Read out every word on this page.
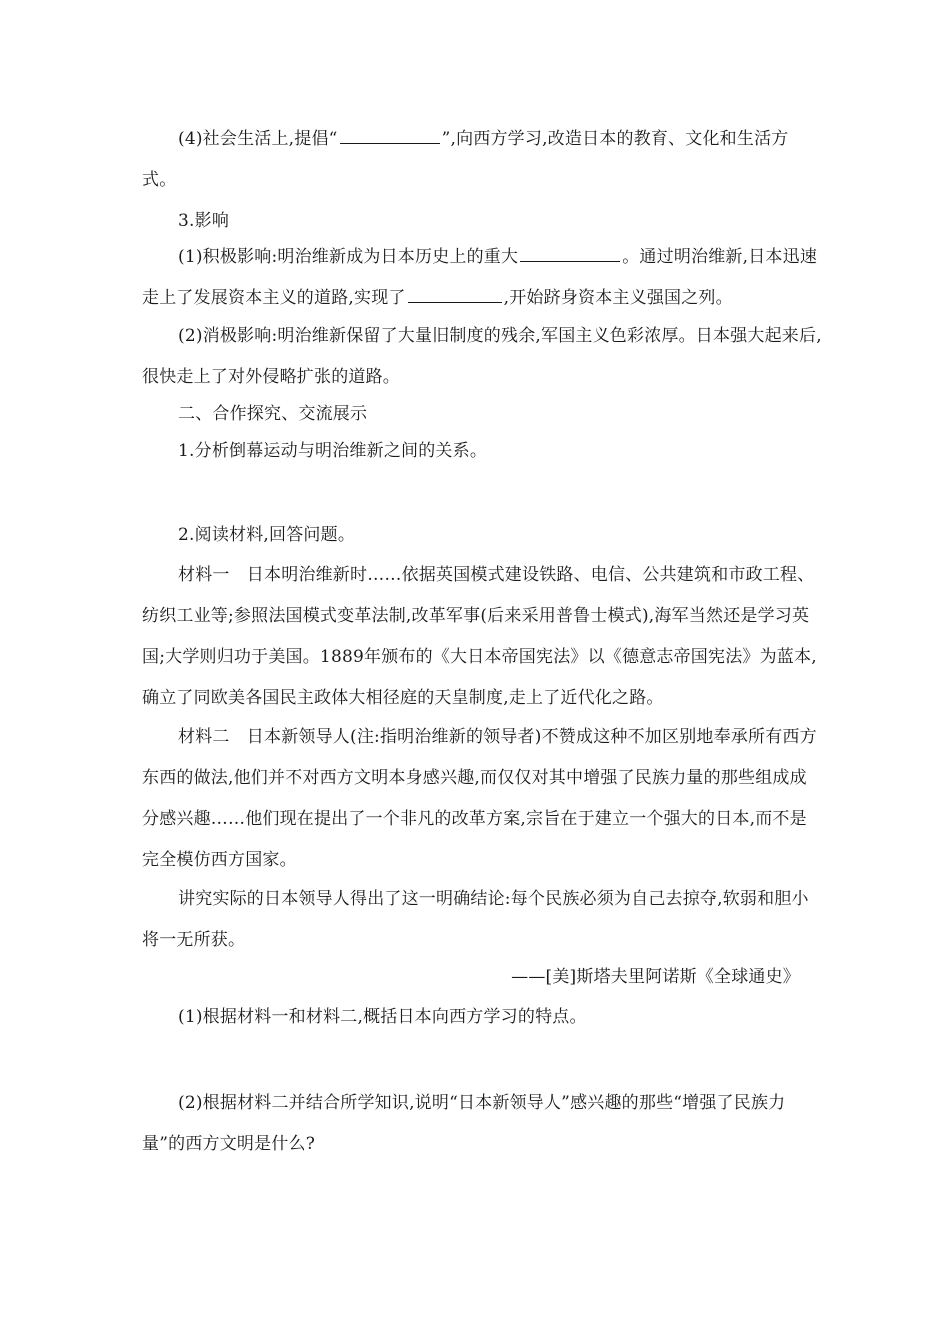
(4)社会生活上,提倡“	”,向西方学习,改造日本的教育、文化和生活方
式。
3.影响
(1)积极影响:明治维新成为日本历史上的重大	。通过明治维新,日本迅速
走上了发展资本主义的道路,实现了	,开始跻身资本主义强国之列。
(2)消极影响:明治维新保留了大量旧制度的残余,军国主义色彩浓厚。日本强大起来后,
很快走上了对外侵略扩张的道路。
二、合作探究、交流展示
1.分析倒幕运动与明治维新之间的关系。
2.阅读材料,回答问题。
材料一　日本明治维新时……依据英国模式建设铁路、电信、公共建筑和市政工程、
纺织工业等;参照法国模式变革法制,改革军事(后来采用普鲁士模式),海军当然还是学习英
国;大学则归功于美国。1889年颁布的《大日本帝国宪法》以《德意志帝国宪法》为蓝本,
确立了同欧美各国民主政体大相径庭的天皇制度,走上了近代化之路。
材料二　日本新领导人(注:指明治维新的领导者)不赞成这种不加区别地奉承所有西方
东西的做法,他们并不对西方文明本身感兴趣,而仅仅对其中增强了民族力量的那些组成成
分感兴趣……他们现在提出了一个非凡的改革方案,宗旨在于建立一个强大的日本,而不是
完全模仿西方国家。
讲究实际的日本领导人得出了这一明确结论:每个民族必须为自己去掠夺,软弱和胆小
将一无所获。
——[美]斯塔夫里阿诺斯《全球通史》
(1)根据材料一和材料二,概括日本向西方学习的特点。
(2)根据材料二并结合所学知识,说明“日本新领导人”感兴趣的那些“增强了民族力
量”的西方文明是什么?
